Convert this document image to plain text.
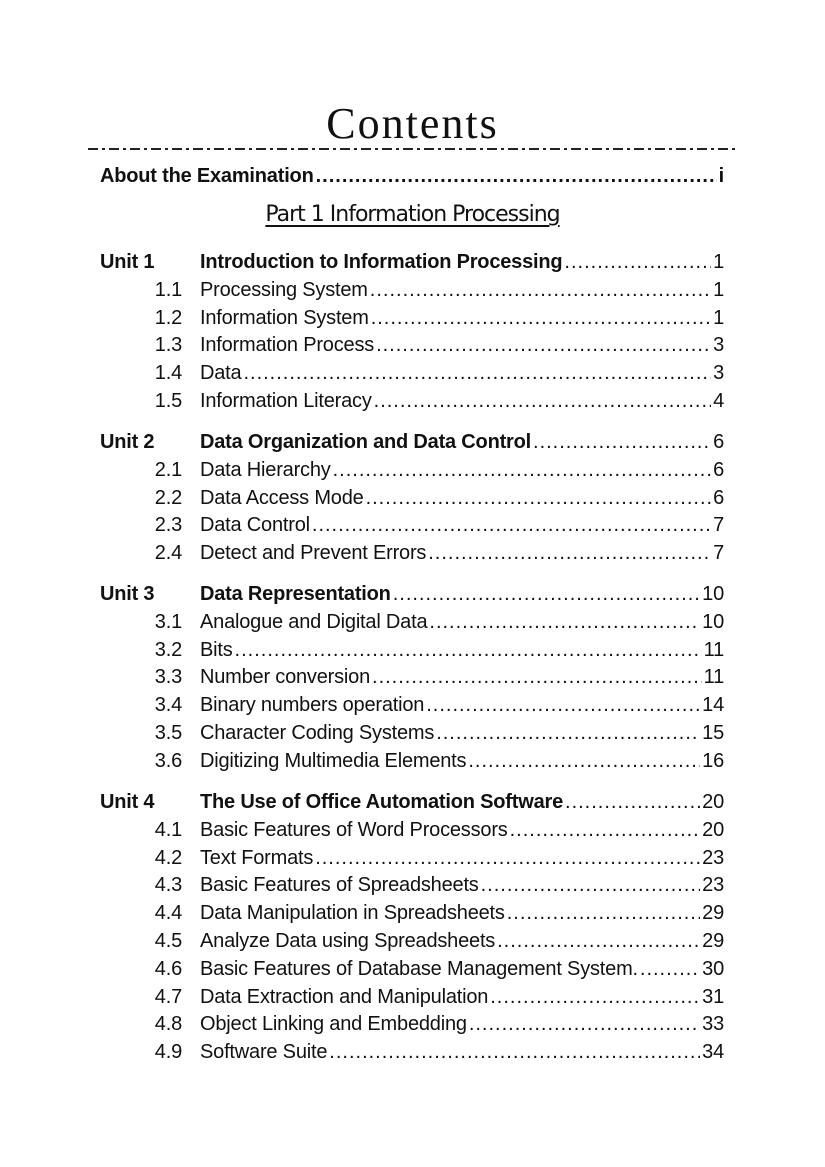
Contents
About the Examination .....	i
Part 1 Information Processing
Unit 1	Introduction to Information Processing .....	1
1.1 Processing System .....	1
1.2 Information System .....	1
1.3 Information Process .....	3
1.4 Data .....	3
1.5 Information Literacy .....	4
Unit 2	Data Organization and Data Control .....	6
2.1 Data Hierarchy .....	6
2.2 Data Access Mode .....	6
2.3 Data Control .....	7
2.4 Detect and Prevent Errors .....	7
Unit 3	Data Representation .....	10
3.1 Analogue and Digital Data .....	10
3.2 Bits .....	11
3.3 Number conversion .....	11
3.4 Binary numbers operation .....	14
3.5 Character Coding Systems .....	15
3.6 Digitizing Multimedia Elements .....	16
Unit 4	The Use of Office Automation Software .....	20
4.1 Basic Features of Word Processors .....	20
4.2 Text Formats .....	23
4.3 Basic Features of Spreadsheets .....	23
4.4 Data Manipulation in Spreadsheets .....	29
4.5 Analyze Data using Spreadsheets .....	29
4.6 Basic Features of Database Management System. .....	30
4.7 Data Extraction and Manipulation .....	31
4.8 Object Linking and Embedding .....	33
4.9 Software Suite .....	34
